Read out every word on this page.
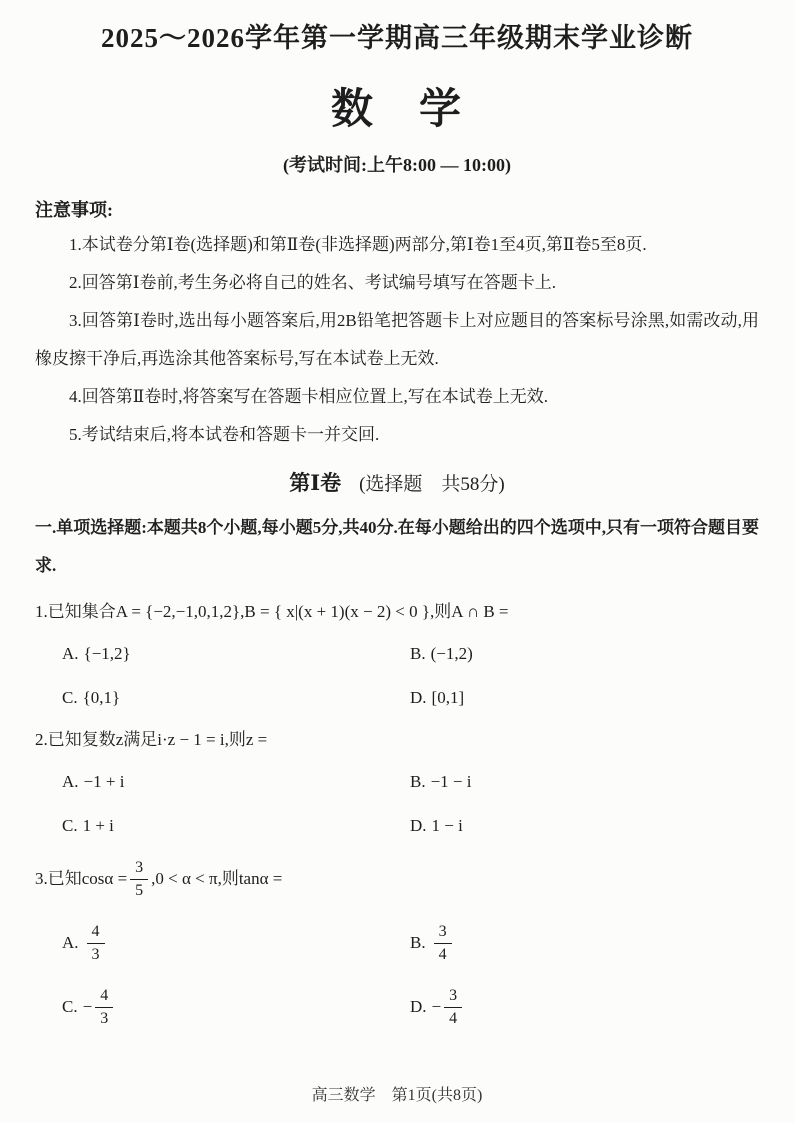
2025～2026学年第一学期高三年级期末学业诊断
数　学
(考试时间:上午8:00 — 10:00)
注意事项:

1.本试卷分第Ⅰ卷(选择题)和第Ⅱ卷(非选择题)两部分,第Ⅰ卷1至4页,第Ⅱ卷5至8页.

2.回答第Ⅰ卷前,考生务必将自己的姓名、考试编号填写在答题卡上.

3.回答第Ⅰ卷时,选出每小题答案后,用2B铅笔把答题卡上对应题目的答案标号涂黑,如需改动,用橡皮擦干净后,再选涂其他答案标号,写在本试卷上无效.

4.回答第Ⅱ卷时,将答案写在答题卡相应位置上,写在本试卷上无效.

5.考试结束后,将本试卷和答题卡一并交回.

第Ⅰ卷 (选择题　共58分)

一.单项选择题:本题共8个小题,每小题5分,共40分.在每小题给出的四个选项中,只有一项符合题目要求.

1.已知集合A = {−2,−1,0,1,2},B = { x|(x + 1)(x − 2) < 0 },则A ∩ B =

A. {−1,2}	B. (−1,2)
C. {0,1}	D. [0,1]

2.已知复数z满足i·z − 1 = i,则z =

A. −1 + i	B. −1 − i
C. 1 + i	D. 1 − i

3.已知$\cos\alpha = \frac{3}{5} ,0 < \alpha < \pi$,则tanα =

A. $\frac{4}{3}$	B. $\frac{3}{4}$
C. − $\frac{4}{3}$	D. − $\frac{3}{4}$
高三数学　第1页(共8页)
